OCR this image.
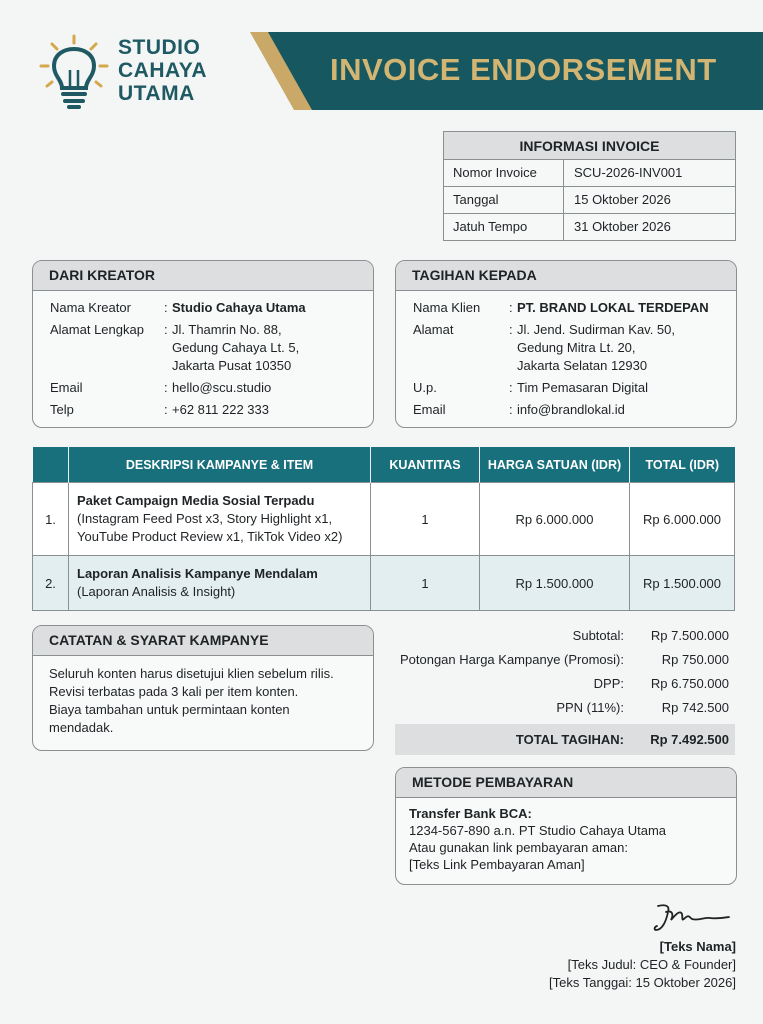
STUDIO
CAHAYA
UTAMA
INVOICE ENDORSEMENT
INFORMASI INVOICE
Nomor Invoice	SCU-2026-INV001
Tanggal	15 Oktober 2026
Jatuh Tempo	31 Oktober 2026
DARI KREATOR
Nama Kreator	: Studio Cahaya Utama
Alamat Lengkap	: Jl. Thamrin No. 88,
Gedung Cahaya Lt. 5,
Jakarta Pusat 10350
Email	: hello@scu.studio
Telp	: +62 811 222 333
TAGIHAN KEPADA
Nama Klien	: PT. BRAND LOKAL TERDEPAN
Alamat	: Jl. Jend. Sudirman Kav. 50,
Gedung Mitra Lt. 20,
Jakarta Selatan 12930
U.p.	: Tim Pemasaran Digital
Email	: info@brandlokal.id
	DESKRIPSI KAMPANYE & ITEM	KUANTITAS	HARGA SATUAN (IDR)	TOTAL (IDR)
1.	Paket Campaign Media Sosial Terpadu
(Instagram Feed Post x3, Story Highlight x1,
YouTube Product Review x1, TikTok Video x2)	1	Rp 6.000.000	Rp 6.000.000
2.	Laporan Analisis Kampanye Mendalam
(Laporan Analisis & Insight)	1	Rp 1.500.000	Rp 1.500.000
CATATAN & SYARAT KAMPANYE
Seluruh konten harus disetujui klien sebelum rilis.
Revisi terbatas pada 3 kali per item konten.
Biaya tambahan untuk permintaan konten
mendadak.
Subtotal:	Rp 7.500.000
Potongan Harga Kampanye (Promosi):	Rp 750.000
DPP:	Rp 6.750.000
PPN (11%):	Rp 742.500
TOTAL TAGIHAN:	Rp 7.492.500
METODE PEMBAYARAN
Transfer Bank BCA:
1234-567-890 a.n. PT Studio Cahaya Utama
Atau gunakan link pembayaran aman:
[Teks Link Pembayaran Aman]
[Teks Nama]
[Teks Judul: CEO & Founder]
[Teks Tanggai: 15 Oktober 2026]
